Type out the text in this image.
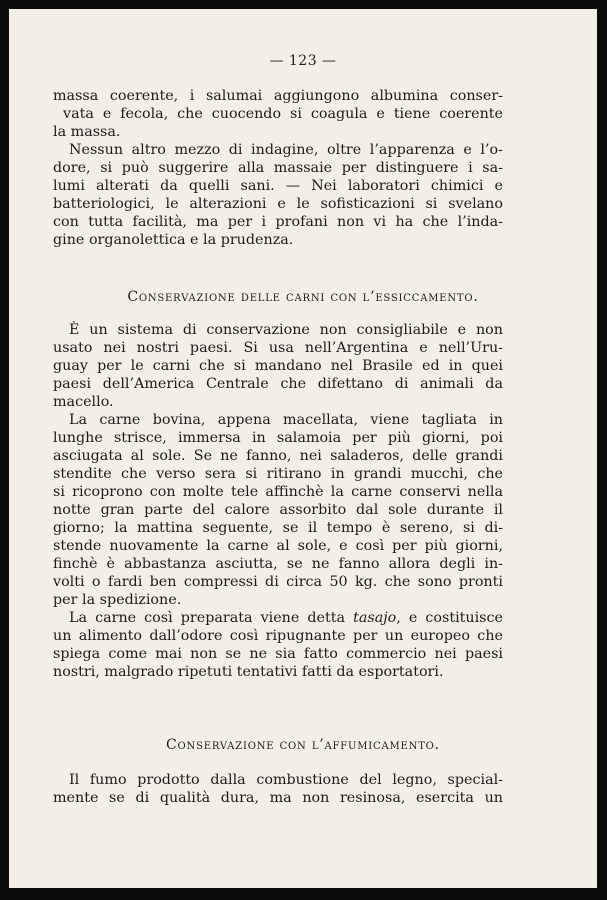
— 123 —
massa coerente, i salumai aggiungono albumina conser-
vata e fecola, che cuocendo si coagula e tiene coerente
la massa.
Nessun altro mezzo di indagine, oltre l’apparenza e l’o-
dore, si può suggerire alla massaie per distinguere i sa-
lumi alterati da quelli sani. — Nei laboratori chimici e
batteriologici, le alterazioni e le sofisticazioni si svelano
con tutta facilità, ma per i profani non vi ha che l’inda-
gine organolettica e la prudenza.
Conservazione delle carni con l’essiccamento.
È un sistema di conservazione non consigliabile e non
usato nei nostri paesi. Si usa nell’Argentina e nell’Uru-
guay per le carni che si mandano nel Brasile ed in quei
paesi dell’America Centrale che difettano di animali da
macello.
La carne bovina, appena macellata, viene tagliata in
lunghe strisce, immersa in salamoia per più giorni, poi
asciugata al sole. Se ne fanno, nei saladeros, delle grandi
stendite che verso sera si ritirano in grandi mucchi, che
si ricoprono con molte tele affinchè la carne conservi nella
notte gran parte del calore assorbito dal sole durante il
giorno; la mattina seguente, se il tempo è sereno, si di-
stende nuovamente la carne al sole, e così per più giorni,
finchè è abbastanza asciutta, se ne fanno allora degli in-
volti o fardi ben compressi di circa 50 kg. che sono pronti
per la spedizione.
La carne così preparata viene detta tasajo, e costituisce
un alimento dall’odore così ripugnante per un europeo che
spiega come mai non se ne sia fatto commercio nei paesi
nostri, malgrado ripetuti tentativi fatti da esportatori.
Conservazione con l’affumicamento.
Il fumo prodotto dalla combustione del legno, special-
mente se di qualità dura, ma non resinosa, esercita un
